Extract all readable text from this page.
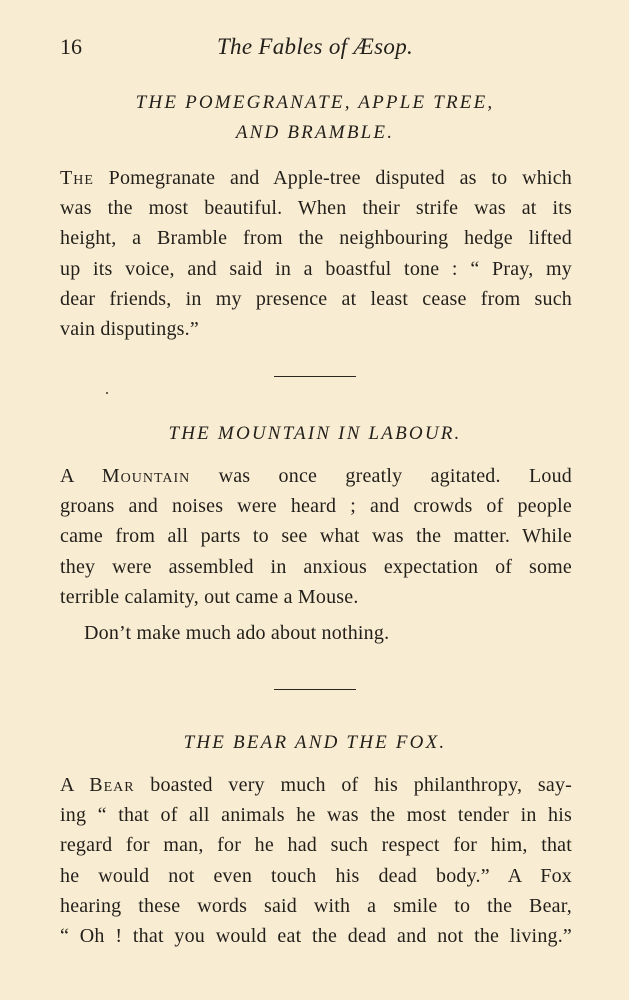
16	The Fables of Æsop.
THE POMEGRANATE, APPLE TREE,
AND BRAMBLE.
The Pomegranate and Apple-tree disputed as to which
was the most beautiful. When their strife was at its
height, a Bramble from the neighbouring hedge lifted
up its voice, and said in a boastful tone : “ Pray, my
dear friends, in my presence at least cease from such
vain disputings.”
THE MOUNTAIN IN LABOUR.
A Mountain was once greatly agitated. Loud
groans and noises were heard ; and crowds of people
came from all parts to see what was the matter. While
they were assembled in anxious expectation of some
terrible calamity, out came a Mouse.
Don’t make much ado about nothing.
THE BEAR AND THE FOX.
A Bear boasted very much of his philanthropy, say-
ing “ that of all animals he was the most tender in his
regard for man, for he had such respect for him, that
he would not even touch his dead body.” A Fox
hearing these words said with a smile to the Bear,
“ Oh ! that you would eat the dead and not the living.”
